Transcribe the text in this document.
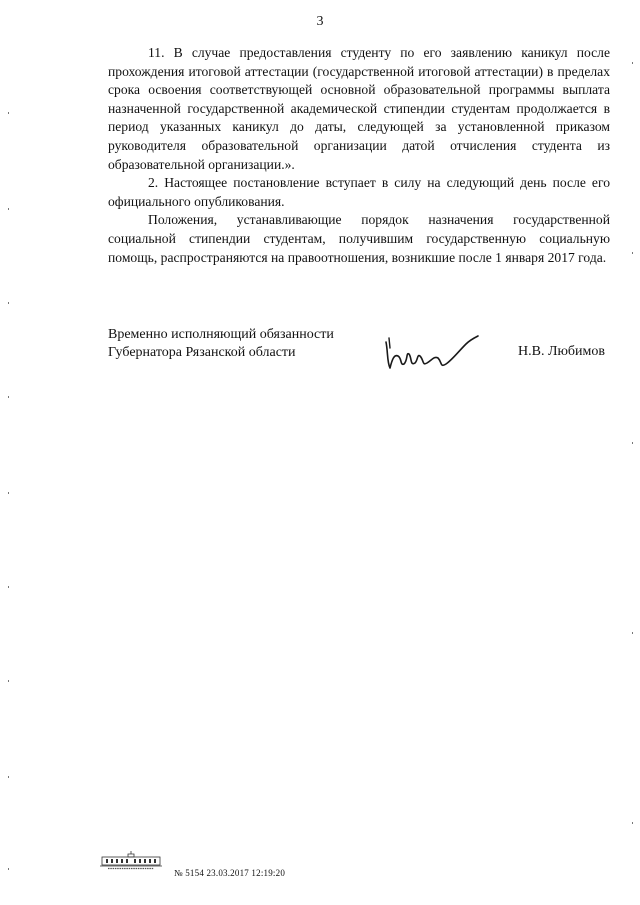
3

11. В случае предоставления студенту по его заявлению каникул после прохождения итоговой аттестации (государственной итоговой аттестации) в пределах срока освоения соответствующей основной образовательной программы выплата назначенной государственной академической стипендии студентам продолжается в период указанных каникул до даты, следующей за установленной приказом руководителя образовательной организации датой отчисления студента из образовательной организации.».

2. Настоящее постановление вступает в силу на следующий день после его официального опубликования.

Положения, устанавливающие порядок назначения государственной социальной стипендии студентам, получившим государственную социальную помощь, распространяются на правоотношения, возникшие после 1 января 2017 года.

Временно исполняющий обязанности
Губернатора Рязанской области	Н.В. Любимов
№ 5154 23.03.2017 12:19:20
